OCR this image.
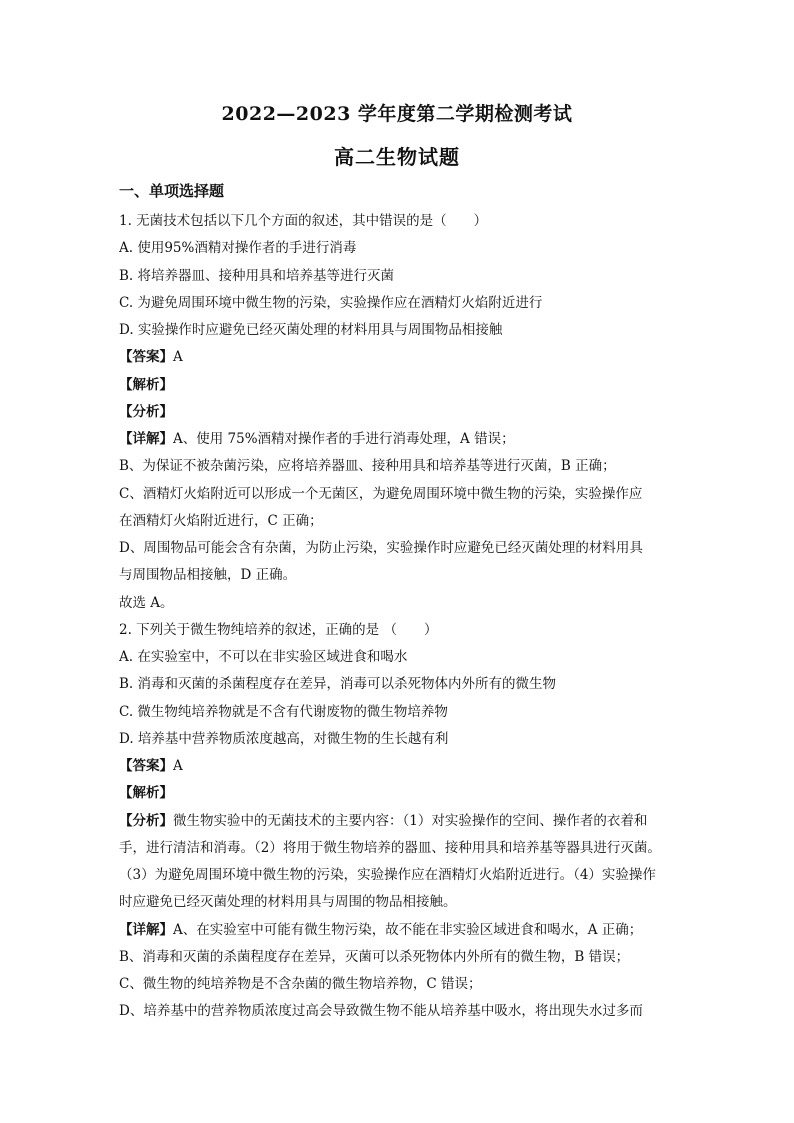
2022—2023 学年度第二学期检测考试
高二生物试题
一、单项选择题
1. 无菌技术包括以下几个方面的叙述，其中错误的是（　　）
A. 使用95%酒精对操作者的手进行消毒
B. 将培养器皿、接种用具和培养基等进行灭菌
C. 为避免周围环境中微生物的污染，实验操作应在酒精灯火焰附近进行
D. 实验操作时应避免已经灭菌处理的材料用具与周围物品相接触
【答案】A
【解析】
【分析】
【详解】A、使用 75%酒精对操作者的手进行消毒处理，A 错误；
B、为保证不被杂菌污染，应将培养器皿、接种用具和培养基等进行灭菌，B 正确；
C、酒精灯火焰附近可以形成一个无菌区，为避免周围环境中微生物的污染，实验操作应
在酒精灯火焰附近进行，C 正确；
D、周围物品可能会含有杂菌，为防止污染，实验操作时应避免已经灭菌处理的材料用具
与周围物品相接触，D 正确。
故选 A。
2. 下列关于微生物纯培养的叙述，正确的是 （　　）
A. 在实验室中，不可以在非实验区域进食和喝水
B. 消毒和灭菌的杀菌程度存在差异，消毒可以杀死物体内外所有的微生物
C. 微生物纯培养物就是不含有代谢废物的微生物培养物
D. 培养基中营养物质浓度越高，对微生物的生长越有利
【答案】A
【解析】
【分析】微生物实验中的无菌技术的主要内容：（1）对实验操作的空间、操作者的衣着和
手，进行清洁和消毒。（2）将用于微生物培养的器皿、接种用具和培养基等器具进行灭菌。
（3）为避免周围环境中微生物的污染，实验操作应在酒精灯火焰附近进行。（4）实验操作
时应避免已经灭菌处理的材料用具与周围的物品相接触。
【详解】A、在实验室中可能有微生物污染，故不能在非实验区域进食和喝水，A 正确；
B、消毒和灭菌的杀菌程度存在差异，灭菌可以杀死物体内外所有的微生物，B 错误；
C、微生物的纯培养物是不含杂菌的微生物培养物，C 错误；
D、培养基中的营养物质浓度过高会导致微生物不能从培养基中吸水，将出现失水过多而
